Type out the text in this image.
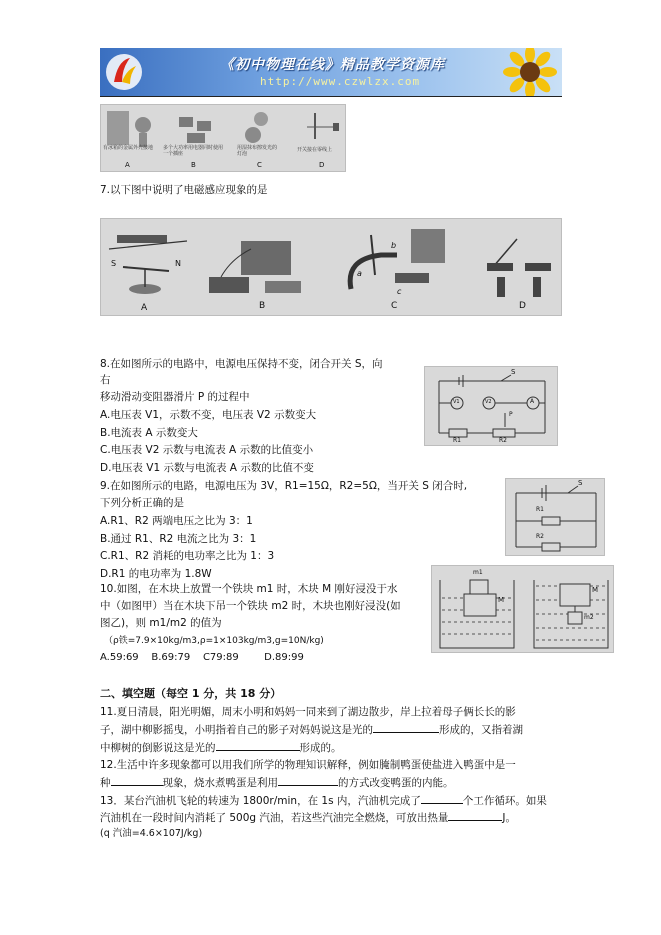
《初中物理在线》精品教学资源库
http://www.czwlzx.com
有冰箱的金属外壳接地	多个大功率用电器同时使用一个插座
用湿抹布擦发光的灯泡
开关接在零线上
A	B	C	D
7.以下图中说明了电磁感应现象的是
S	N
a
b
c
A	B	C	D
8.在如图所示的电路中，电源电压保持不变，闭合开关 S，向
右
移动滑动变阻器滑片 P 的过程中
A.电压表 V1，示数不变，电压表 V2 示数变大
B.电流表 A 示数变大
C.电压表 V2 示数与电流表 A 示数的比值变小
D.电压表 V1 示数与电流表 A 示数的比值不变
S
V1	V2	A
P
R1	R2
9.在如图所示的电路，电源电压为 3V，R1=15Ω，R2=5Ω，当开关 S 闭合时,
下列分析正确的是
A.R1、R2 两端电压之比为 3：1
B.通过 R1、R2 电流之比为 3：1
C.R1、R2 消耗的电功率之比为 1：3
D.R1 的电功率为 1.8W
S
R1
R2
10.如图，在木块上放置一个铁块 m1 时，木块 M 刚好浸没于水
中（如图甲）当在木块下吊一个铁块 m2 时，木块也刚好浸没(如
图乙)，则 m1/m2 的值为
（ρ铁=7.9×10kg/m3,ρ=1×103kg/m3,g=10N/kg)
A.59:69    B.69:79    C79:89        D.89:99
m1
M
M
m2
二、填空题（每空 1 分，共 18 分）
11.夏日清晨，阳光明媚，周末小明和妈妈一同来到了湖边散步，岸上拉着母子俩长长的影
子，湖中柳影摇曳，小明指着自己的影子对妈妈说这是光的	形成的，又指着湖
中柳树的倒影说这是光的	形成的。
12.生活中许多现象都可以用我们所学的物理知识解释，例如腌制鸭蛋使盐进入鸭蛋中是一
种	现象，烧水煮鸭蛋是利用	的方式改变鸭蛋的内能。
13．某台汽油机飞轮的转速为 1800r/min，在 1s 内，汽油机完成了	个工作循环。如果
汽油机在一段时间内消耗了 500g 汽油，若这些汽油完全燃烧，可放出热量	J。
(q 汽油=4.6×107J/kg)
